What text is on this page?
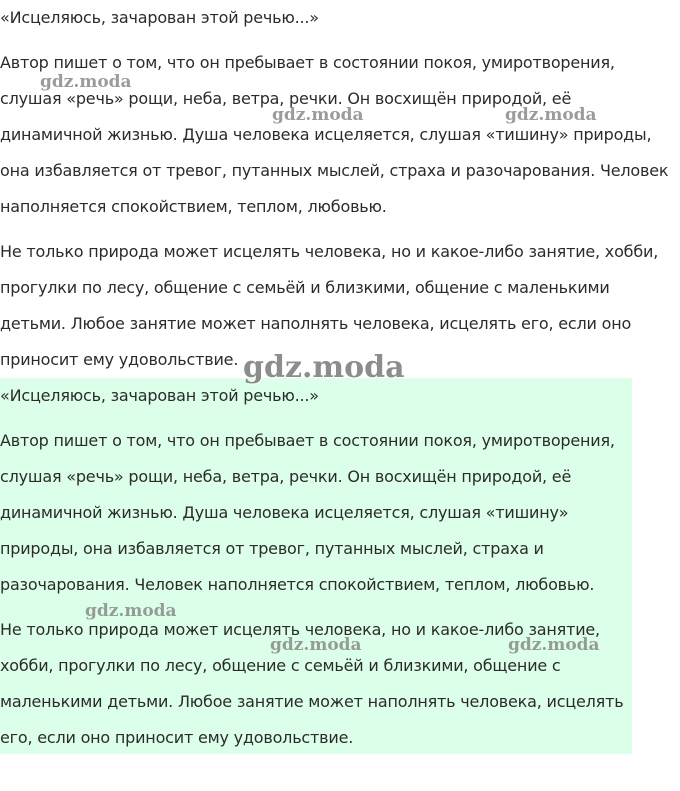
«Исцеляюсь, зачарован этой речью...»

Автор пишет о том, что он пребывает в состоянии покоя, умиротворения, слушая «речь» рощи, неба, ветра, речки. Он восхищён природой, её динамичной жизнью. Душа человека исцеляется, слушая «тишину» природы, она избавляется от тревог, путанных мыслей, страха и разочарования. Человек наполняется спокойствием, теплом, любовью.

Не только природа может исцелять человека, но и какое-либо занятие, хобби, прогулки по лесу, общение с семьёй и близкими, общение с маленькими детьми. Любое занятие может наполнять человека, исцелять его, если оно приносит ему удовольствие.

«Исцеляюсь, зачарован этой речью...»

Автор пишет о том, что он пребывает в состоянии покоя, умиротворения, слушая «речь» рощи, неба, ветра, речки. Он восхищён природой, её динамичной жизнью. Душа человека исцеляется, слушая «тишину» природы, она избавляется от тревог, путанных мыслей, страха и разочарования. Человек наполняется спокойствием, теплом, любовью.

Не только природа может исцелять человека, но и какое-либо занятие, хобби, прогулки по лесу, общение с семьёй и близкими, общение с маленькими детьми. Любое занятие может наполнять человека, исцелять его, если оно приносит ему удовольствие.

gdz.moda
gdz.moda	gdz.moda
gdz.moda
gdz.moda
gdz.moda	gdz.moda
